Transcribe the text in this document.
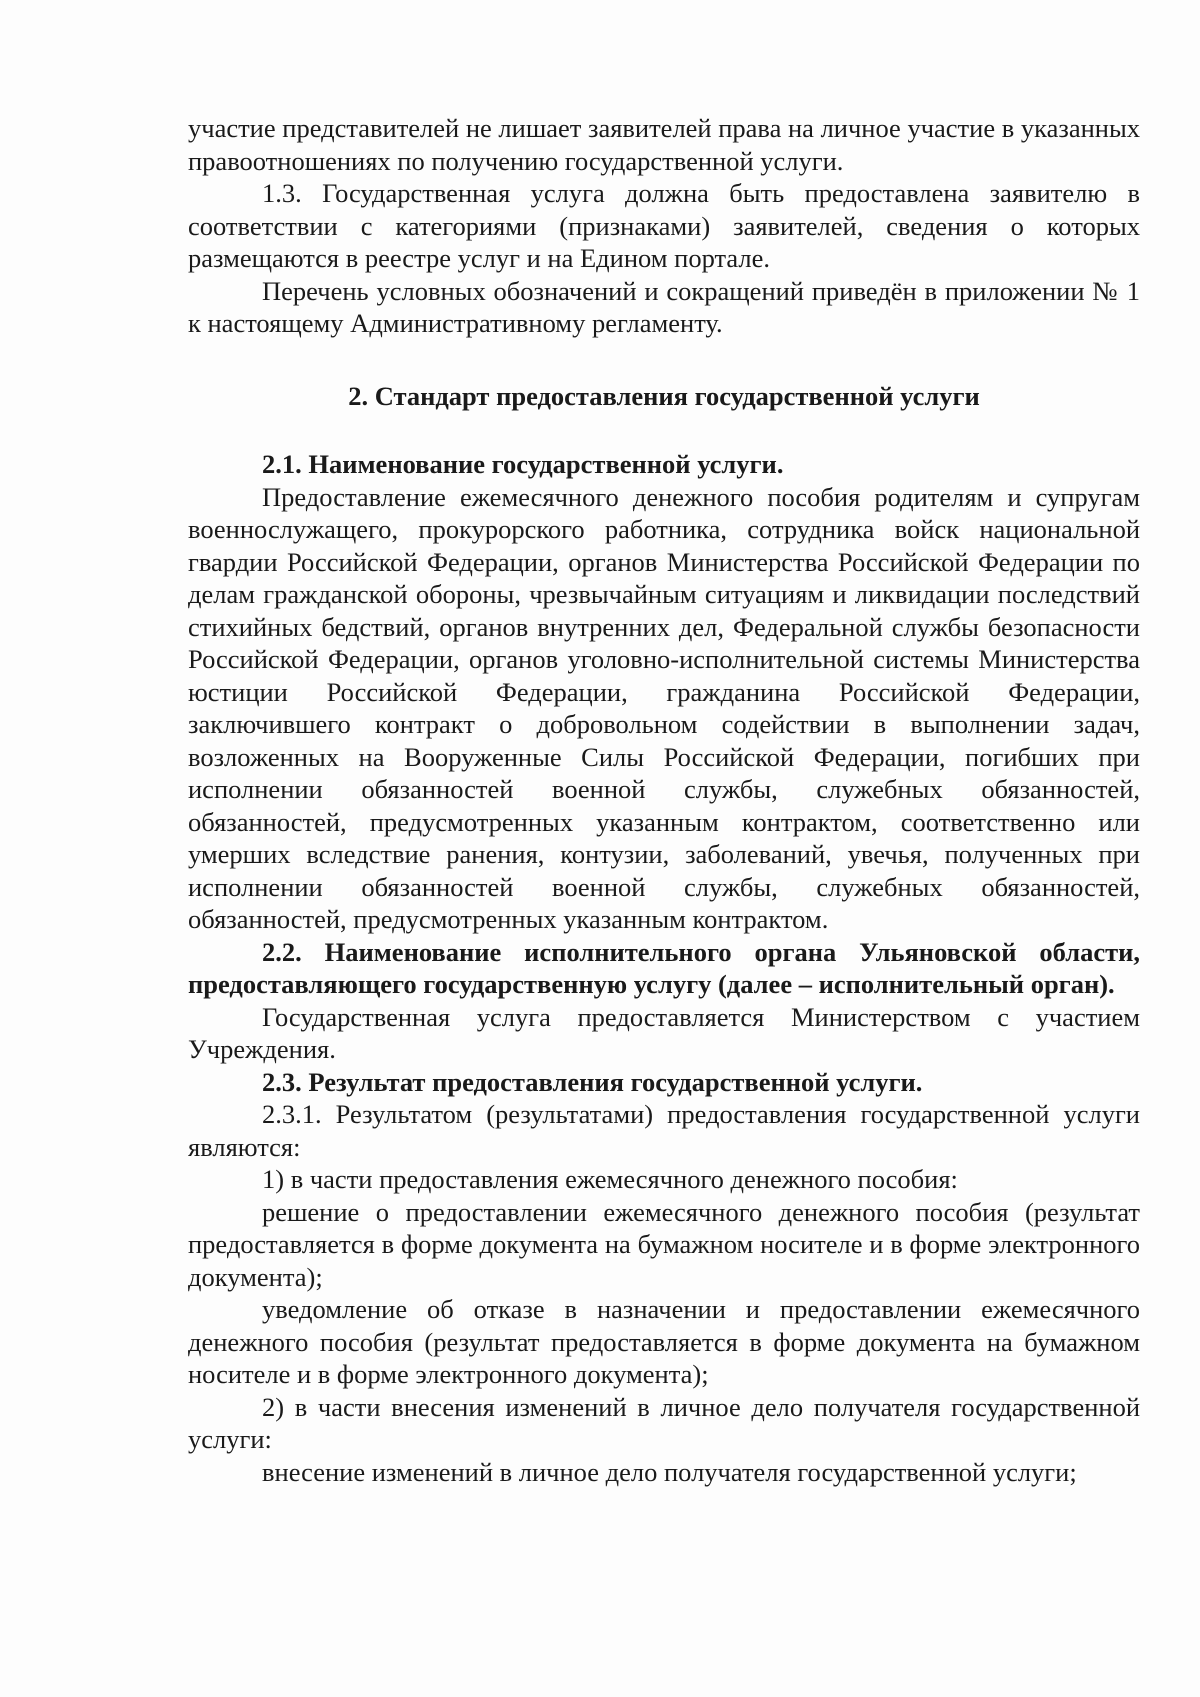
участие представителей не лишает заявителей права на личное участие в указанных правоотношениях по получению государственной услуги.

1.3. Государственная услуга должна быть предоставлена заявителю в соответствии с категориями (признаками) заявителей, сведения о которых размещаются в реестре услуг и на Едином портале.

Перечень условных обозначений и сокращений приведён в приложении № 1 к настоящему Административному регламенту.

2. Стандарт предоставления государственной услуги

2.1. Наименование государственной услуги.

Предоставление ежемесячного денежного пособия родителям и супругам военнослужащего, прокурорского работника, сотрудника войск национальной гвардии Российской Федерации, органов Министерства Российской Федерации по делам гражданской обороны, чрезвычайным ситуациям и ликвидации последствий стихийных бедствий, органов внутренних дел, Федеральной службы безопасности Российской Федерации, органов уголовно-исполнительной системы Министерства юстиции Российской Федерации, гражданина Российской Федерации, заключившего контракт о добровольном содействии в выполнении задач, возложенных на Вооруженные Силы Российской Федерации, погибших при исполнении обязанностей военной службы, служебных обязанностей, обязанностей, предусмотренных указанным контрактом, соответственно или умерших вследствие ранения, контузии, заболеваний, увечья, полученных при исполнении обязанностей военной службы, служебных обязанностей, обязанностей, предусмотренных указанным контрактом.

2.2. Наименование исполнительного органа Ульяновской области, предоставляющего государственную услугу (далее – исполнительный орган).

Государственная услуга предоставляется Министерством с участием Учреждения.

2.3. Результат предоставления государственной услуги.

2.3.1. Результатом (результатами) предоставления государственной услуги являются:

1) в части предоставления ежемесячного денежного пособия:

решение о предоставлении ежемесячного денежного пособия (результат предоставляется в форме документа на бумажном носителе и в форме электронного документа);

уведомление об отказе в назначении и предоставлении ежемесячного денежного пособия (результат предоставляется в форме документа на бумажном носителе и в форме электронного документа);

2) в части внесения изменений в личное дело получателя государственной услуги:

внесение изменений в личное дело получателя государственной услуги;
